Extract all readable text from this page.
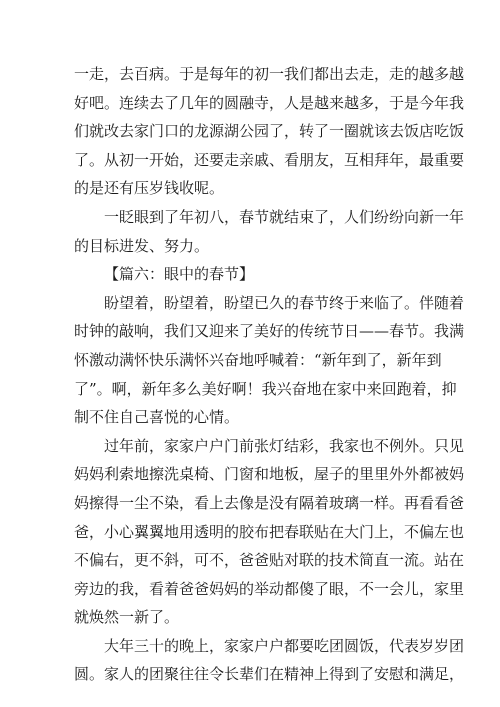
一走，去百病。于是每年的初一我们都出去走，走的越多越
好吧。连续去了几年的圆融寺，人是越来越多，于是今年我
们就改去家门口的龙源湖公园了，转了一圈就该去饭店吃饭
了。从初一开始，还要走亲戚、看朋友，互相拜年，最重要
的是还有压岁钱收呢。
一眨眼到了年初八，春节就结束了，人们纷纷向新一年
的目标进发、努力。
【篇六：眼中的春节】
盼望着，盼望着，盼望已久的春节终于来临了。伴随着
时钟的敲响，我们又迎来了美好的传统节日——春节。我满
怀激动满怀快乐满怀兴奋地呼喊着：“新年到了，新年到
了”。啊，新年多么美好啊！我兴奋地在家中来回跑着，抑
制不住自己喜悦的心情。
过年前，家家户户门前张灯结彩，我家也不例外。只见
妈妈利索地擦洗桌椅、门窗和地板，屋子的里里外外都被妈
妈擦得一尘不染，看上去像是没有隔着玻璃一样。再看看爸
爸，小心翼翼地用透明的胶布把春联贴在大门上，不偏左也
不偏右，更不斜，可不，爸爸贴对联的技术简直一流。站在
旁边的我，看着爸爸妈妈的举动都傻了眼，不一会儿，家里
就焕然一新了。
大年三十的晚上，家家户户都要吃团圆饭，代表岁岁团
圆。家人的团聚往往令长辈们在精神上得到了安慰和满足，
